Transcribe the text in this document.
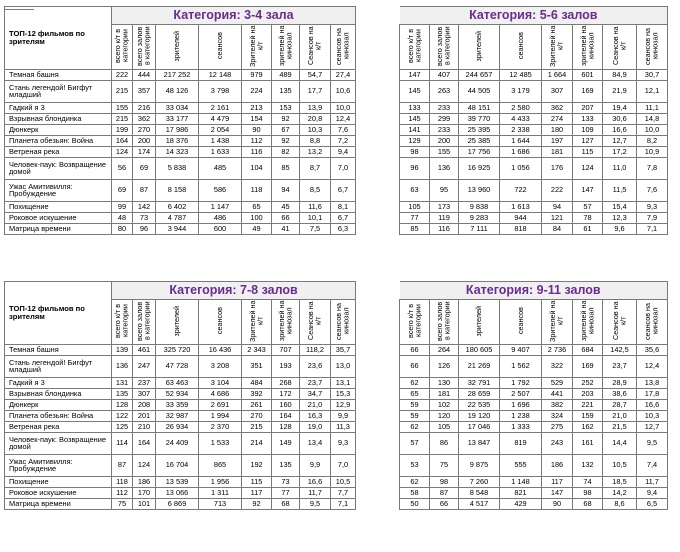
ТОП-12 фильмов по зрителям	Категория: 3-4 зала							
	всего к/т в категории	всего залов в категории	зрителей	сеансов	Зрителей на к/т	зрителей на кинозал	Сеансов на к/т	сеансов на кинозал
Темная башня	222	444	217 252	12 148	979	489	54,7	27,4
Стань легендой! Бигфут младший	215	357	48 126	3 798	224	135	17,7	10,6
Гадкий я 3	155	216	33 034	2 161	213	153	13,9	10,0
Взрывная блондинка	215	362	33 177	4 479	154	92	20,8	12,4
Дюнкерк	199	270	17 986	2 054	90	67	10,3	7,6
Планета обезьян: Война	164	200	18 376	1 438	112	92	8,8	7,2
Ветреная река	124	174	14 323	1 633	116	82	13,2	9,4
Человек-паук: Возвращение домой	56	69	5 838	485	104	85	8,7	7,0
Ужас Амитивилля: Пробуждение	69	87	8 158	586	118	94	8,5	6,7
Похищение	99	142	6 402	1 147	65	45	11,6	8,1
Роковое искушение	48	73	4 787	486	100	66	10,1	6,7
Матрица времени	80	96	3 944	600	49	41	7,5	6,3
Категория: 5-6 залов							
всего к/т в категории	всего залов в категории	зрителей	сеансов	Зрителей на к/т	зрителей на кинозал	Сеансов на к/т	сеансов на кинозал
147	407	244 657	12 485	1 664	601	84,9	30,7
145	263	44 505	3 179	307	169	21,9	12,1
133	233	48 151	2 580	362	207	19,4	11,1
145	299	39 770	4 433	274	133	30,6	14,8
141	233	25 395	2 338	180	109	16,6	10,0
129	200	25 385	1 644	197	127	12,7	8,2
98	155	17 756	1 686	181	115	17,2	10,9
96	136	16 925	1 056	176	124	11,0	7,8
63	95	13 960	722	222	147	11,5	7,6
105	173	9 838	1 613	94	57	15,4	9,3
77	119	9 283	944	121	78	12,3	7,9
85	116	7 111	818	84	61	9,6	7,1
ТОП-12 фильмов по зрителям	Категория: 7-8 залов							
	всего к/т в категории	всего залов в категории	зрителей	сеансов	Зрителей на к/т	зрителей на кинозал	Сеансов на к/т	сеансов на кинозал
Темная башня	139	461	325 720	16 436	2 343	707	118,2	35,7
Стань легендой! Бигфут младший	136	247	47 728	3 208	351	193	23,6	13,0
Гадкий я 3	131	237	63 463	3 104	484	268	23,7	13,1
Взрывная блондинка	135	307	52 934	4 686	392	172	34,7	15,3
Дюнкерк	128	208	33 359	2 691	261	160	21,0	12,9
Планета обезьян: Война	122	201	32 987	1 994	270	164	16,3	9,9
Ветреная река	125	210	26 934	2 370	215	128	19,0	11,3
Человек-паук: Возвращение домой	114	164	24 409	1 533	214	149	13,4	9,3
Ужас Амитивилля: Пробуждение	87	124	16 704	865	192	135	9,9	7,0
Похищение	118	186	13 539	1 956	115	73	16,6	10,5
Роковое искушение	112	170	13 066	1 311	117	77	11,7	7,7
Матрица времени	75	101	6 869	713	92	68	9,5	7,1
Категория: 9-11 залов							
всего к/т в категории	всего залов в категории	зрителей	сеансов	Зрителей на к/т	зрителей на кинозал	Сеансов на к/т	сеансов на кинозал
66	264	180 605	9 407	2 736	684	142,5	35,6
66	126	21 269	1 562	322	169	23,7	12,4
62	130	32 791	1 792	529	252	28,9	13,8
65	181	28 659	2 507	441	203	38,6	17,8
59	102	22 535	1 696	382	221	28,7	16,6
59	120	19 120	1 238	324	159	21,0	10,3
62	105	17 046	1 333	275	162	21,5	12,7
57	86	13 847	819	243	161	14,4	9,5
53	75	9 875	555	186	132	10,5	7,4
62	98	7 260	1 148	117	74	18,5	11,7
58	87	8 548	821	147	98	14,2	9,4
50	66	4 517	429	90	68	8,6	6,5
